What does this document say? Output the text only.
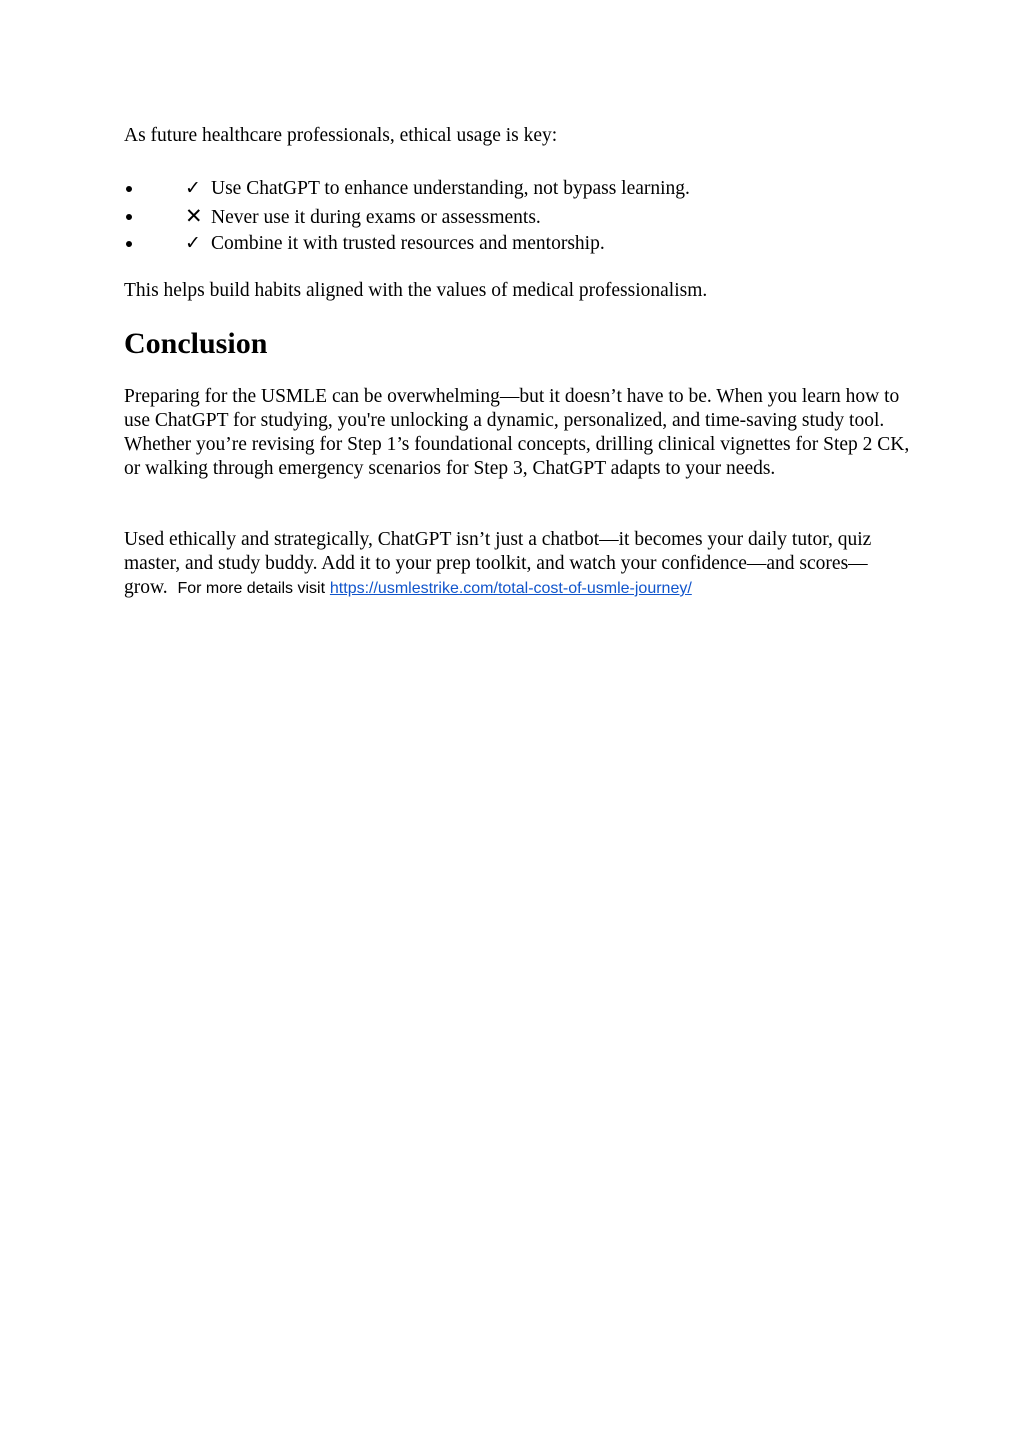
As future healthcare professionals, ethical usage is key:

✓ Use ChatGPT to enhance understanding, not bypass learning.
✕ Never use it during exams or assessments.
✓ Combine it with trusted resources and mentorship.

This helps build habits aligned with the values of medical professionalism.

Conclusion

Preparing for the USMLE can be overwhelming—but it doesn’t have to be. When you learn how to use ChatGPT for studying, you're unlocking a dynamic, personalized, and time-saving study tool. Whether you’re revising for Step 1’s foundational concepts, drilling clinical vignettes for Step 2 CK, or walking through emergency scenarios for Step 3, ChatGPT adapts to your needs.

Used ethically and strategically, ChatGPT isn’t just a chatbot—it becomes your daily tutor, quiz master, and study buddy. Add it to your prep toolkit, and watch your confidence—and scores—grow. For more details visit https://usmlestrike.com/total-cost-of-usmle-journey/
